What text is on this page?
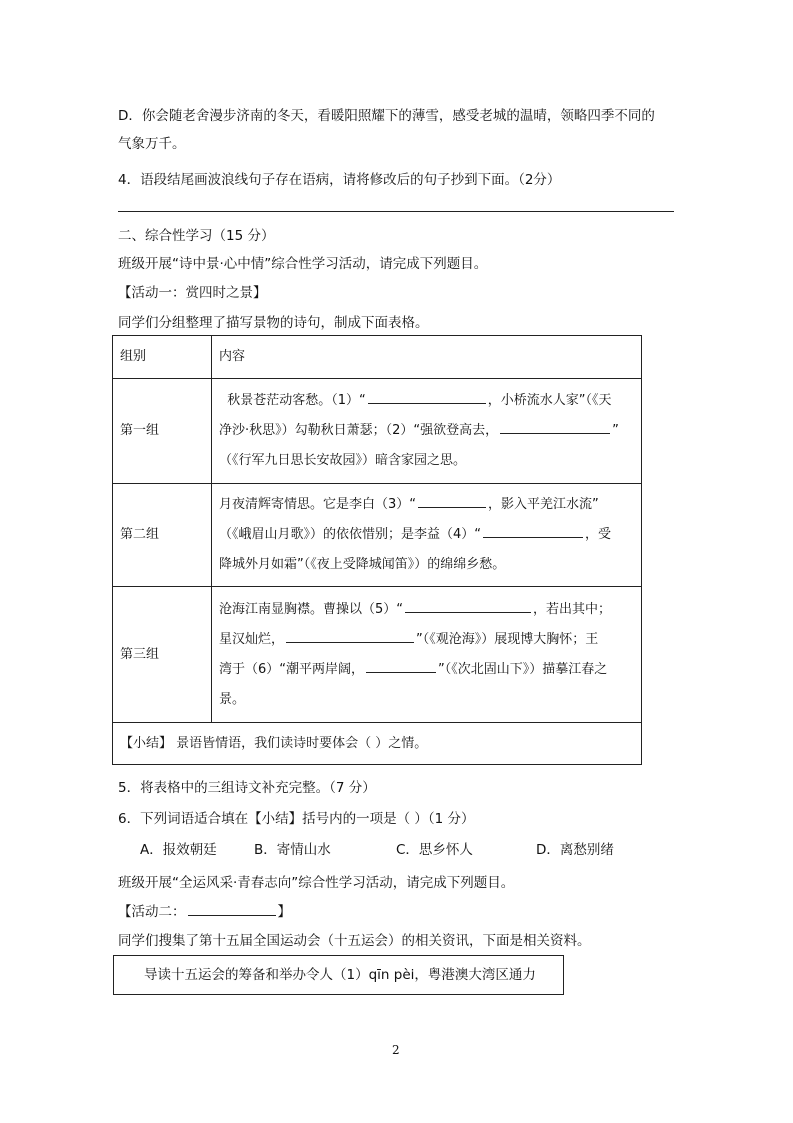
D．你会随老舍漫步济南的冬天，看暖阳照耀下的薄雪，感受老城的温晴，领略四季不同的
气象万千。
4．语段结尾画波浪线句子存在语病，请将修改后的句子抄到下面。（2分）
二、综合性学习（15 分）
班级开展“诗中景·心中情”综合性学习活动，请完成下列题目。
【活动一：赏四时之景】
同学们分组整理了描写景物的诗句，制成下面表格。
组别	内容
第一组	秋景苍茫动客愁。（1）“ ，小桥流水人家”（《天
净沙·秋思》）勾勒秋日萧瑟；（2）“强欲登高去， ”
（《行军九日思长安故园》）暗含家园之思。

第二组	月夜清辉寄情思。它是李白（3）“ ，影入平羌江水流”
（《峨眉山月歌》）的依依惜别；是李益（4）“ ，受
降城外月如霜”（《夜上受降城闻笛》）的绵绵乡愁。

第三组	沧海江南显胸襟。曹操以（5）“ ，若出其中；
星汉灿烂， ”（《观沧海》）展现博大胸怀；王
湾于（6）“潮平两岸阔， ”（《次北固山下》）描摹江春之
景。

【小结】 景语皆情语，我们读诗时要体会（ ）之情。	
5．将表格中的三组诗文补充完整。（7 分）
6．下列词语适合填在【小结】括号内的一项是（ ）（1 分）
A．报效朝廷	B．寄情山水	C．思乡怀人	D．离愁别绪
班级开展“全运风采·青春志向”综合性学习活动，请完成下列题目。
【活动二：	】
同学们搜集了第十五届全国运动会（十五运会）的相关资讯，下面是相关资料。
导读十五运会的筹备和举办令人（1）qīn pèi，粤港澳大湾区通力
2
